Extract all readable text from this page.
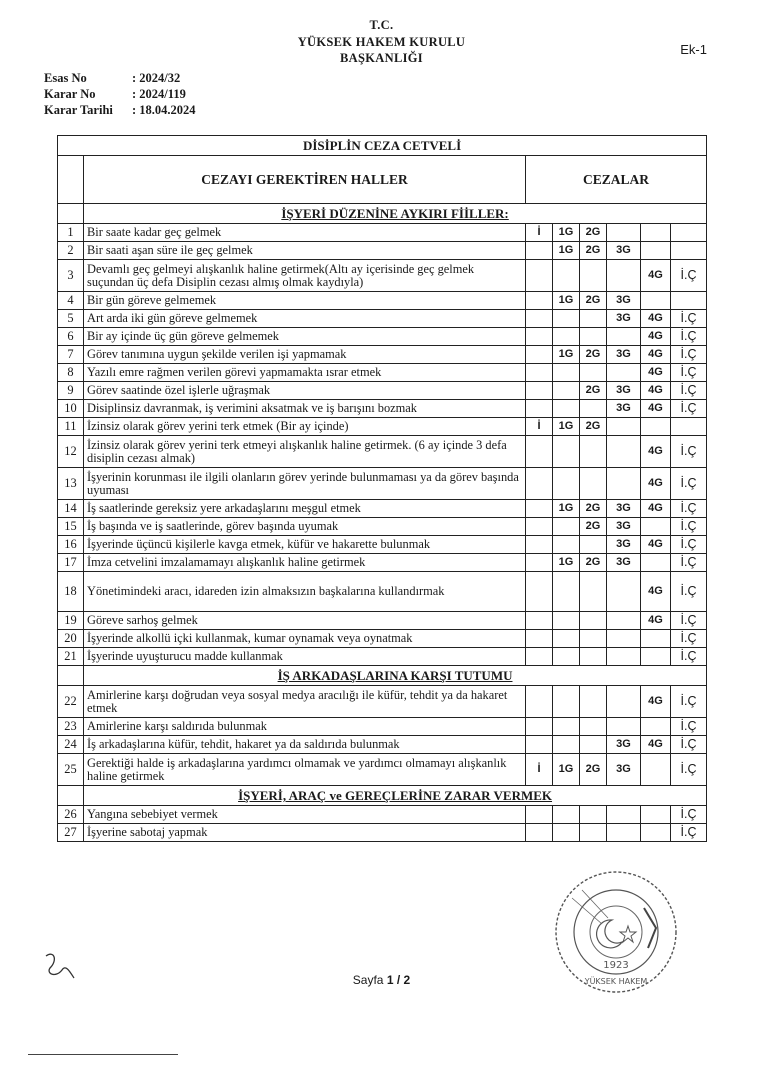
T.C.
YÜKSEK HAKEM KURULU
BAŞKANLIĞI
Ek-1
Esas No	: 2024/32
Karar No	: 2024/119
Karar Tarihi : 18.04.2024
DİSİPLİN CEZA CETVELİ							
	CEZAYI GEREKTİREN HALLER	CEZALAR					
	İŞYERİ DÜZENİNE AYKIRI FİİLLER:						
1	Bir saate kadar geç gelmek	İ	1G	2G			
2	Bir saati aşan süre ile geç gelmek		1G	2G	3G		
3	Devamlı geç gelmeyi alışkanlık haline getirmek(Altı ay içerisinde geç gelmek suçundan üç defa Disiplin cezası almış olmak kaydıyla)					4G	İ.Ç
4	Bir gün göreve gelmemek		1G	2G	3G		
5	Art arda iki gün göreve gelmemek				3G	4G	İ.Ç
6	Bir ay içinde üç gün göreve gelmemek					4G	İ.Ç
7	Görev tanımına uygun şekilde verilen işi yapmamak		1G	2G	3G	4G	İ.Ç
8	Yazılı emre rağmen verilen görevi yapmamakta ısrar etmek					4G	İ.Ç
9	Görev saatinde özel işlerle uğraşmak			2G	3G	4G	İ.Ç
10	Disiplinsiz davranmak, iş verimini aksatmak ve iş barışını bozmak				3G	4G	İ.Ç
11	İzinsiz olarak görev yerini terk etmek (Bir ay içinde)	İ	1G	2G			
12	İzinsiz olarak görev yerini terk etmeyi alışkanlık haline getirmek. (6 ay içinde 3 defa disiplin cezası almak)					4G	İ.Ç
13	İşyerinin korunması ile ilgili olanların görev yerinde bulunmaması ya da görev başında uyuması					4G	İ.Ç
14	İş saatlerinde gereksiz yere arkadaşlarını meşgul etmek		1G	2G	3G	4G	İ.Ç
15	İş başında ve iş saatlerinde, görev başında uyumak			2G	3G		İ.Ç
16	İşyerinde üçüncü kişilerle kavga etmek, küfür ve hakarette bulunmak				3G	4G	İ.Ç
17	İmza cetvelini imzalamamayı alışkanlık haline getirmek		1G	2G	3G		İ.Ç
18	Yönetimindeki aracı, idareden izin almaksızın başkalarına kullandırmak					4G	İ.Ç
19	Göreve sarhoş gelmek					4G	İ.Ç
20	İşyerinde alkollü içki kullanmak, kumar oynamak veya oynatmak						İ.Ç
21	İşyerinde uyuşturucu madde kullanmak						İ.Ç
	İŞ ARKADAŞLARINA KARŞI TUTUMU						
22	Amirlerine karşı doğrudan veya sosyal medya aracılığı ile küfür, tehdit ya da hakaret etmek					4G	İ.Ç
23	Amirlerine karşı saldırıda bulunmak						İ.Ç
24	İş arkadaşlarına küfür, tehdit, hakaret ya da saldırıda bulunmak				3G	4G	İ.Ç
25	Gerektiği halde iş arkadaşlarına yardımcı olmamak ve yardımcı olmamayı alışkanlık haline getirmek	İ	1G	2G	3G		İ.Ç
	İŞYERİ, ARAÇ ve GEREÇLERİNE ZARAR VERMEK						
26	Yangına sebebiyet vermek						İ.Ç
27	İşyerine sabotaj yapmak						İ.Ç
Sayfa 1 / 2
1923
YÜKSEK HAKEM
